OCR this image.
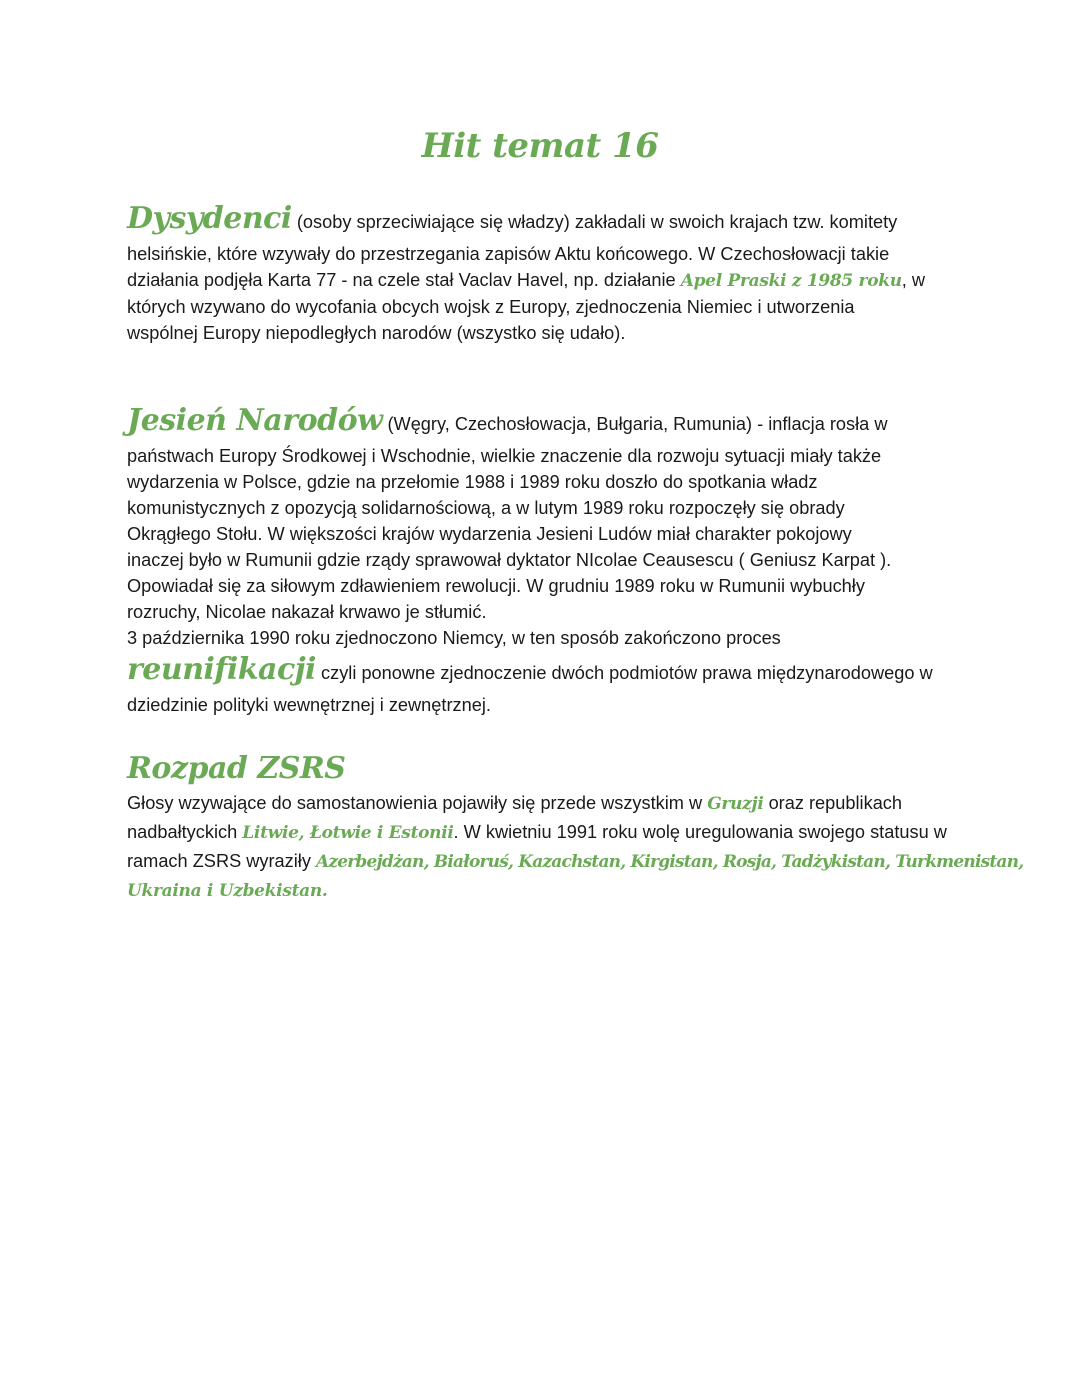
Hit temat 16
Dysydenci (osoby sprzeciwiające się władzy) zakładali w swoich krajach tzw. komitety
helsińskie, które wzywały do przestrzegania zapisów Aktu końcowego. W Czechosłowacji takie
działania podjęła Karta 77 - na czele stał Vaclav Havel, np. działanie Apel Praski z 1985 roku, w
których wzywano do wycofania obcych wojsk z Europy, zjednoczenia Niemiec i utworzenia
wspólnej Europy niepodległych narodów (wszystko się udało).
Jesień Narodów (Węgry, Czechosłowacja, Bułgaria, Rumunia) - inflacja rosła w
państwach Europy Środkowej i Wschodnie, wielkie znaczenie dla rozwoju sytuacji miały także
wydarzenia w Polsce, gdzie na przełomie 1988 i 1989 roku doszło do spotkania władz
komunistycznych z opozycją solidarnościową, a w lutym 1989 roku rozpoczęły się obrady
Okrągłego Stołu. W większości krajów wydarzenia Jesieni Ludów miał charakter pokojowy
inaczej było w Rumunii gdzie rządy sprawował dyktator NIcolae Ceausescu ( Geniusz Karpat ).
Opowiadał się za siłowym zdławieniem rewolucji. W grudniu 1989 roku w Rumunii wybuchły
rozruchy, Nicolae nakazał krwawo je stłumić.
3 października 1990 roku zjednoczono Niemcy, w ten sposób zakończono proces
reunifikacji czyli ponowne zjednoczenie dwóch podmiotów prawa międzynarodowego w
dziedzinie polityki wewnętrznej i zewnętrznej.
Rozpad ZSRS
Głosy wzywające do samostanowienia pojawiły się przede wszystkim w Gruzji oraz republikach
nadbałtyckich Litwie, Łotwie i Estonii. W kwietniu 1991 roku wolę uregulowania swojego statusu w
ramach ZSRS wyraziły Azerbejdżan, Białoruś, Kazachstan, Kirgistan, Rosja, Tadżykistan, Turkmenistan,
Ukraina i Uzbekistan.
